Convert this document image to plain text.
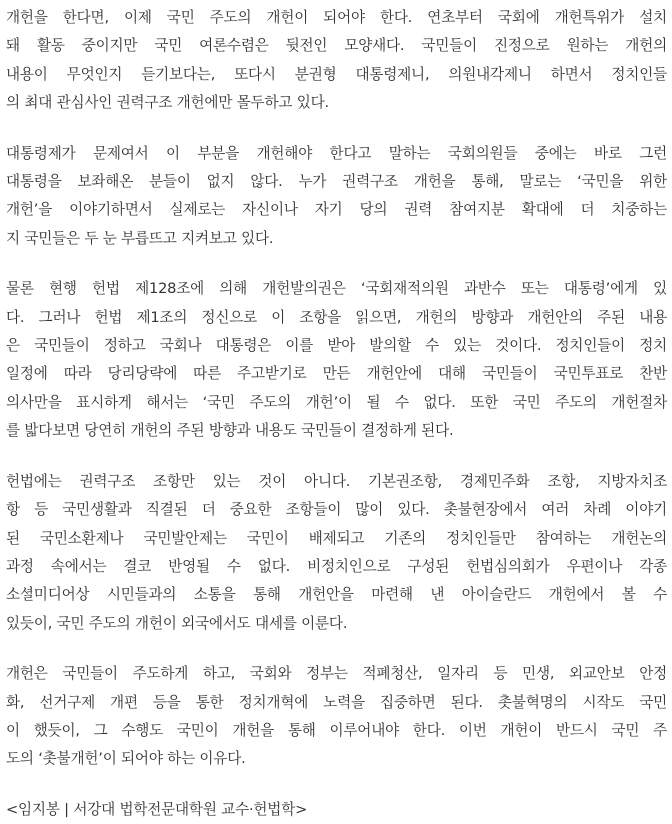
개헌을 한다면, 이제 국민 주도의 개헌이 되어야 한다. 연초부터 국회에 개헌특위가 설치
돼 활동 중이지만 국민 여론수렴은 뒷전인 모양새다. 국민들이 진정으로 원하는 개헌의
내용이 무엇인지 듣기보다는, 또다시 분권형 대통령제니, 의원내각제니 하면서 정치인들
의 최대 관심사인 권력구조 개헌에만 몰두하고 있다.
대통령제가 문제여서 이 부분을 개헌해야 한다고 말하는 국회의원들 중에는 바로 그런
대통령을 보좌해온 분들이 없지 않다. 누가 권력구조 개헌을 통해, 말로는 ‘국민을 위한
개헌’을 이야기하면서 실제로는 자신이나 자기 당의 권력 참여지분 확대에 더 치중하는
지 국민들은 두 눈 부릅뜨고 지켜보고 있다.
물론 현행 헌법 제128조에 의해 개헌발의권은 ‘국회재적의원 과반수 또는 대통령’에게 있
다. 그러나 헌법 제1조의 정신으로 이 조항을 읽으면, 개헌의 방향과 개헌안의 주된 내용
은 국민들이 정하고 국회나 대통령은 이를 받아 발의할 수 있는 것이다. 정치인들이 정치
일정에 따라 당리당략에 따른 주고받기로 만든 개헌안에 대해 국민들이 국민투표로 찬반
의사만을 표시하게 해서는 ‘국민 주도의 개헌’이 될 수 없다. 또한 국민 주도의 개헌절차
를 밟다보면 당연히 개헌의 주된 방향과 내용도 국민들이 결정하게 된다.
헌법에는 권력구조 조항만 있는 것이 아니다. 기본권조항, 경제민주화 조항, 지방자치조
항 등 국민생활과 직결된 더 중요한 조항들이 많이 있다. 촛불현장에서 여러 차례 이야기
된 국민소환제나 국민발안제는 국민이 배제되고 기존의 정치인들만 참여하는 개헌논의
과정 속에서는 결코 반영될 수 없다. 비정치인으로 구성된 헌법심의회가 우편이나 각종
소셜미디어상 시민들과의 소통을 통해 개헌안을 마련해 낸 아이슬란드 개헌에서 볼 수
있듯이, 국민 주도의 개헌이 외국에서도 대세를 이룬다.
개헌은 국민들이 주도하게 하고, 국회와 정부는 적폐청산, 일자리 등 민생, 외교안보 안정
화, 선거구제 개편 등을 통한 정치개혁에 노력을 집중하면 된다. 촛불혁명의 시작도 국민
이 했듯이, 그 수행도 국민이 개헌을 통해 이루어내야 한다. 이번 개헌이 반드시 국민 주
도의 ‘촛불개헌’이 되어야 하는 이유다.
<임지봉 | 서강대 법학전문대학원 교수·헌법학>
